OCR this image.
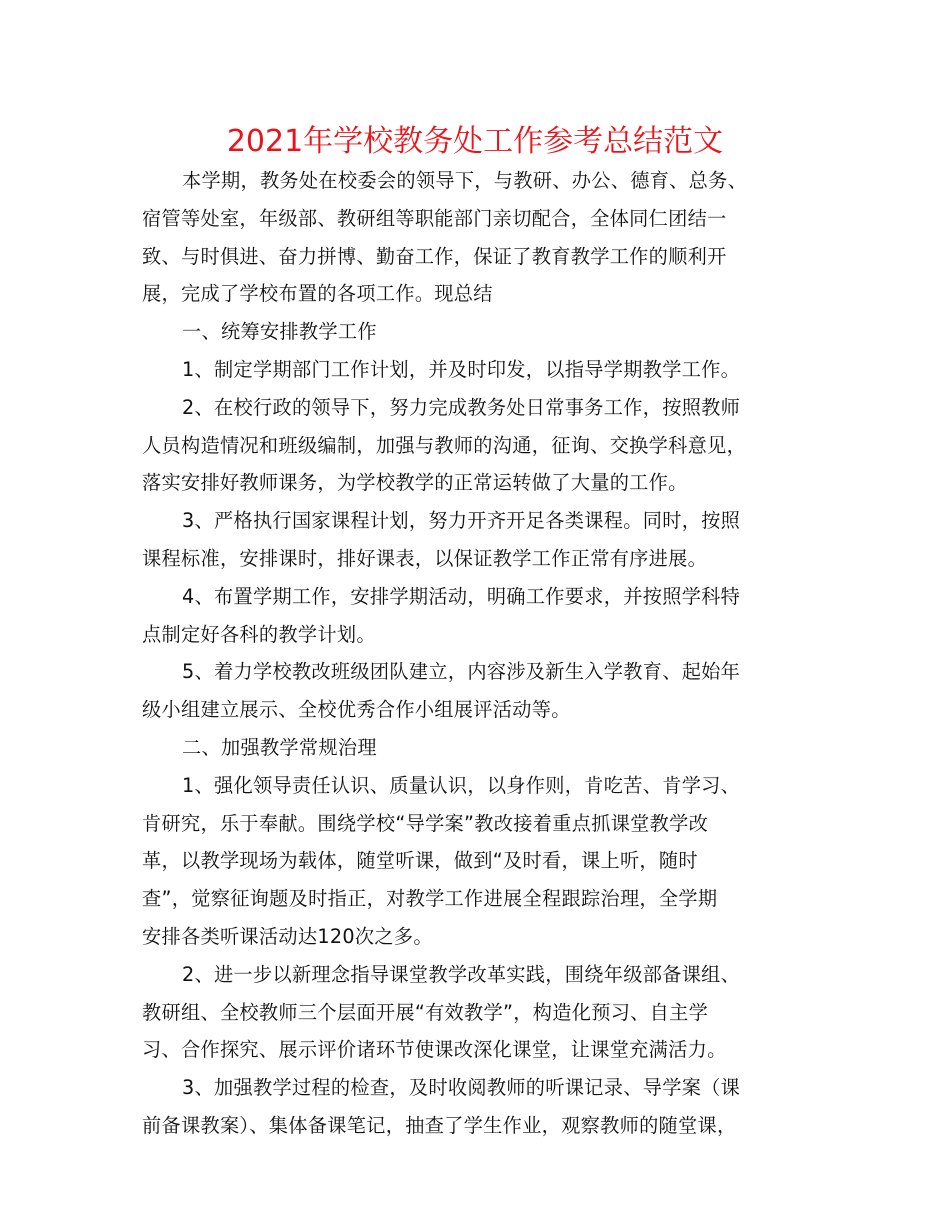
2021年学校教务处工作参考总结范文
本学期，教务处在校委会的领导下，与教研、办公、德育、总务、
宿管等处室，年级部、教研组等职能部门亲切配合，全体同仁团结一
致、与时俱进、奋力拼博、勤奋工作，保证了教育教学工作的顺利开
展，完成了学校布置的各项工作。现总结
一、统筹安排教学工作
1、制定学期部门工作计划，并及时印发，以指导学期教学工作。
2、在校行政的领导下，努力完成教务处日常事务工作，按照教师
人员构造情况和班级编制，加强与教师的沟通，征询、交换学科意见，
落实安排好教师课务，为学校教学的正常运转做了大量的工作。
3、严格执行国家课程计划，努力开齐开足各类课程。同时，按照
课程标准，安排课时，排好课表，以保证教学工作正常有序进展。
4、布置学期工作，安排学期活动，明确工作要求，并按照学科特
点制定好各科的教学计划。
5、着力学校教改班级团队建立，内容涉及新生入学教育、起始年
级小组建立展示、全校优秀合作小组展评活动等。
二、加强教学常规治理
1、强化领导责任认识、质量认识，以身作则，肯吃苦、肯学习、
肯研究，乐于奉献。围绕学校“导学案”教改接着重点抓课堂教学改
革，以教学现场为载体，随堂听课，做到“及时看，课上听，随时
查”，觉察征询题及时指正，对教学工作进展全程跟踪治理，全学期
安排各类听课活动达120次之多。
2、进一步以新理念指导课堂教学改革实践，围绕年级部备课组、
教研组、全校教师三个层面开展“有效教学”，构造化预习、自主学
习、合作探究、展示评价诸环节使课改深化课堂，让课堂充满活力。
3、加强教学过程的检查，及时收阅教师的听课记录、导学案（课
前备课教案）、集体备课笔记，抽查了学生作业，观察教师的随堂课，
